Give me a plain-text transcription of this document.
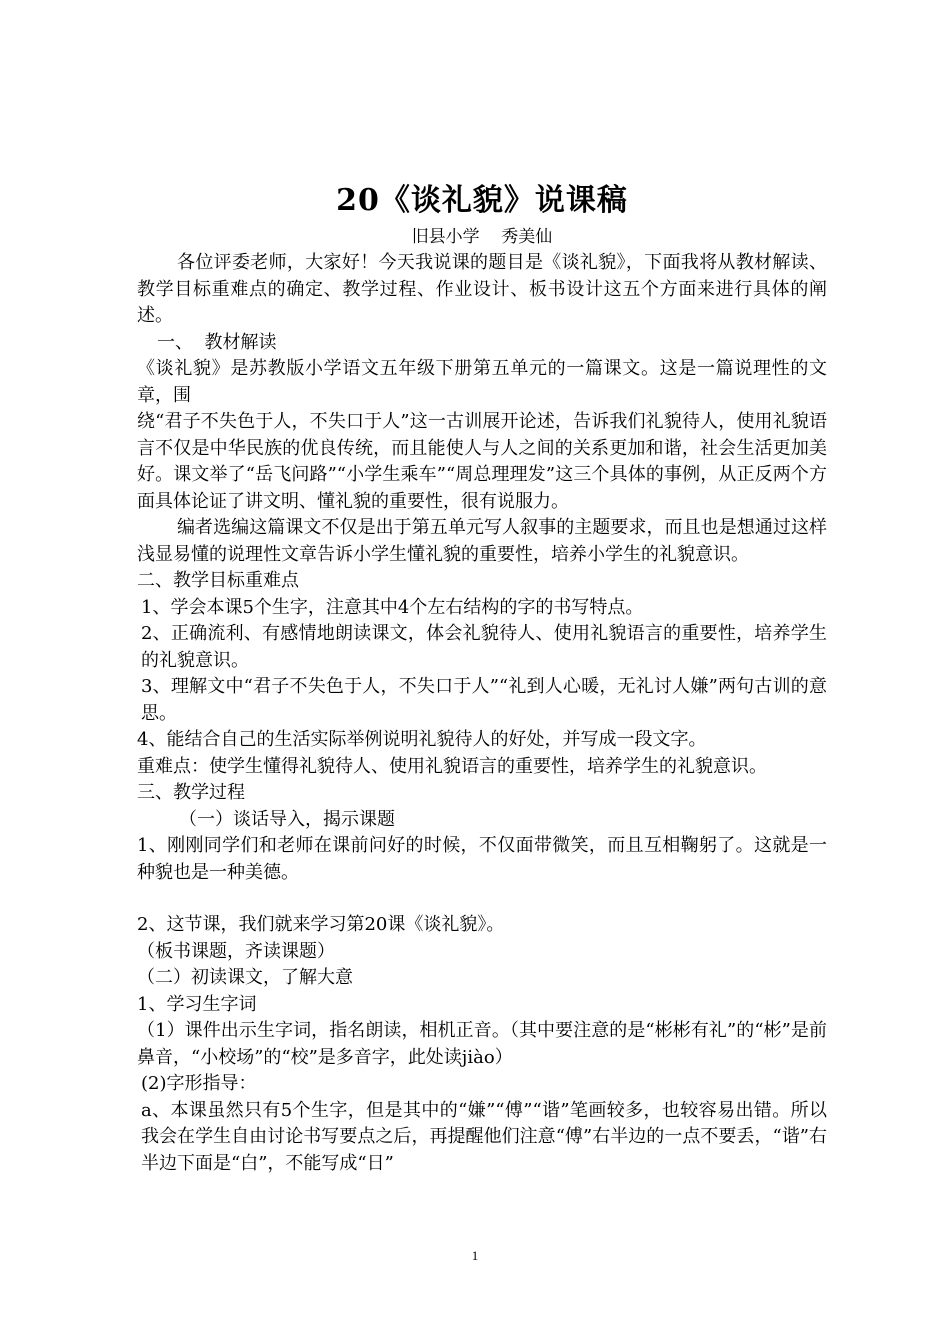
20《谈礼貌》说课稿

旧县小学    秀美仙

各位评委老师，大家好！今天我说课的题目是《谈礼貌》，下面我将从教材解读、教学目标重难点的确定、教学过程、作业设计、板书设计这五个方面来进行具体的阐述。

一、  教材解读

《谈礼貌》是苏教版小学语文五年级下册第五单元的一篇课文。这是一篇说理性的文章，围

绕“君子不失色于人，不失口于人”这一古训展开论述，告诉我们礼貌待人，使用礼貌语言不仅是中华民族的优良传统，而且能使人与人之间的关系更加和谐，社会生活更加美好。课文举了“岳飞问路”“小学生乘车”“周总理理发”这三个具体的事例，从正反两个方面具体论证了讲文明、懂礼貌的重要性，很有说服力。

编者选编这篇课文不仅是出于第五单元写人叙事的主题要求，而且也是想通过这样浅显易懂的说理性文章告诉小学生懂礼貌的重要性，培养小学生的礼貌意识。

二、教学目标重难点

1、学会本课5个生字，注意其中4个左右结构的字的书写特点。

2、正确流利、有感情地朗读课文，体会礼貌待人、使用礼貌语言的重要性，培养学生的礼貌意识。

3、理解文中“君子不失色于人，不失口于人”“礼到人心暖，无礼讨人嫌”两句古训的意思。

4、能结合自己的生活实际举例说明礼貌待人的好处，并写成一段文字。

重难点：使学生懂得礼貌待人、使用礼貌语言的重要性，培养学生的礼貌意识。

三、教学过程

（一）谈话导入，揭示课题

1、刚刚同学们和老师在课前问好的时候，不仅面带微笑，而且互相鞠躬了。这就是一种貌也是一种美德。

2、这节课，我们就来学习第20课《谈礼貌》。

（板书课题，齐读课题）

（二）初读课文，了解大意

1、学习生字词

（1）课件出示生字词，指名朗读，相机正音。（其中要注意的是“彬彬有礼”的“彬”是前鼻音，“小校场”的“校”是多音字，此处读jiào）

(2)字形指导：

a、本课虽然只有5个生字，但是其中的“嫌”“傅”“谐”笔画较多，也较容易出错。所以我会在学生自由讨论书写要点之后，再提醒他们注意“傅”右半边的一点不要丢，“谐”右半边下面是“白”，不能写成“日”

1
